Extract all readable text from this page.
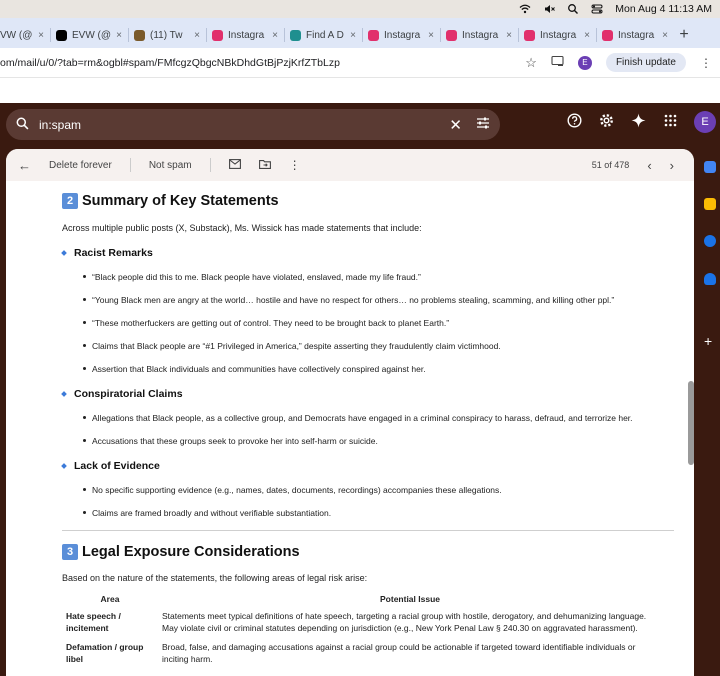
Mon Aug 4 11:13 AM
VW (@ ×	EVW (@ ×	(11) Tw	×	Instagra ×	Find A D ×	Instagra ×	Instagra ×	Instagra ×	Instagra × +
om/mail/u/0/?tab=rm&ogbl#spam/FMfcgzQbgcNBkDhdGtBjPzjKrfZTbLzp	☆	E	Finish update	⋮
in:spam	✕	E
← Delete forever	Not spam	⋮	51 of 478 ‹ ›
2 Summary of Key Statements
Across multiple public posts (X, Substack), Ms. Wissick has made statements that include:
Racist Remarks
“Black people did this to me. Black people have violated, enslaved, made my life fraud.”
“Young Black men are angry at the world… hostile and have no respect for others… no problems stealing, scamming, and killing other ppl.”
“These motherfuckers are getting out of control. They need to be brought back to planet Earth.”
Claims that Black people are “#1 Privileged in America,” despite asserting they fraudulently claim victimhood.
Assertion that Black individuals and communities have collectively conspired against her.
Conspiratorial Claims
Allegations that Black people, as a collective group, and Democrats have engaged in a criminal conspiracy to harass, defraud, and terrorize her.
Accusations that these groups seek to provoke her into self-harm or suicide.
Lack of Evidence
No specific supporting evidence (e.g., names, dates, documents, recordings) accompanies these allegations.
Claims are framed broadly and without verifiable substantiation.
3 Legal Exposure Considerations
Based on the nature of the statements, the following areas of legal risk arise:
Area	Potential Issue
Hate speech / incitement	Statements meet typical definitions of hate speech, targeting a racial group with hostile, derogatory, and dehumanizing language. May violate civil or criminal statutes depending on jurisdiction (e.g., New York Penal Law § 240.30 on aggravated harassment).
Defamation / group libel	Broad, false, and damaging accusations against a racial group could be actionable if targeted toward identifiable individuals or inciting harm.
+
